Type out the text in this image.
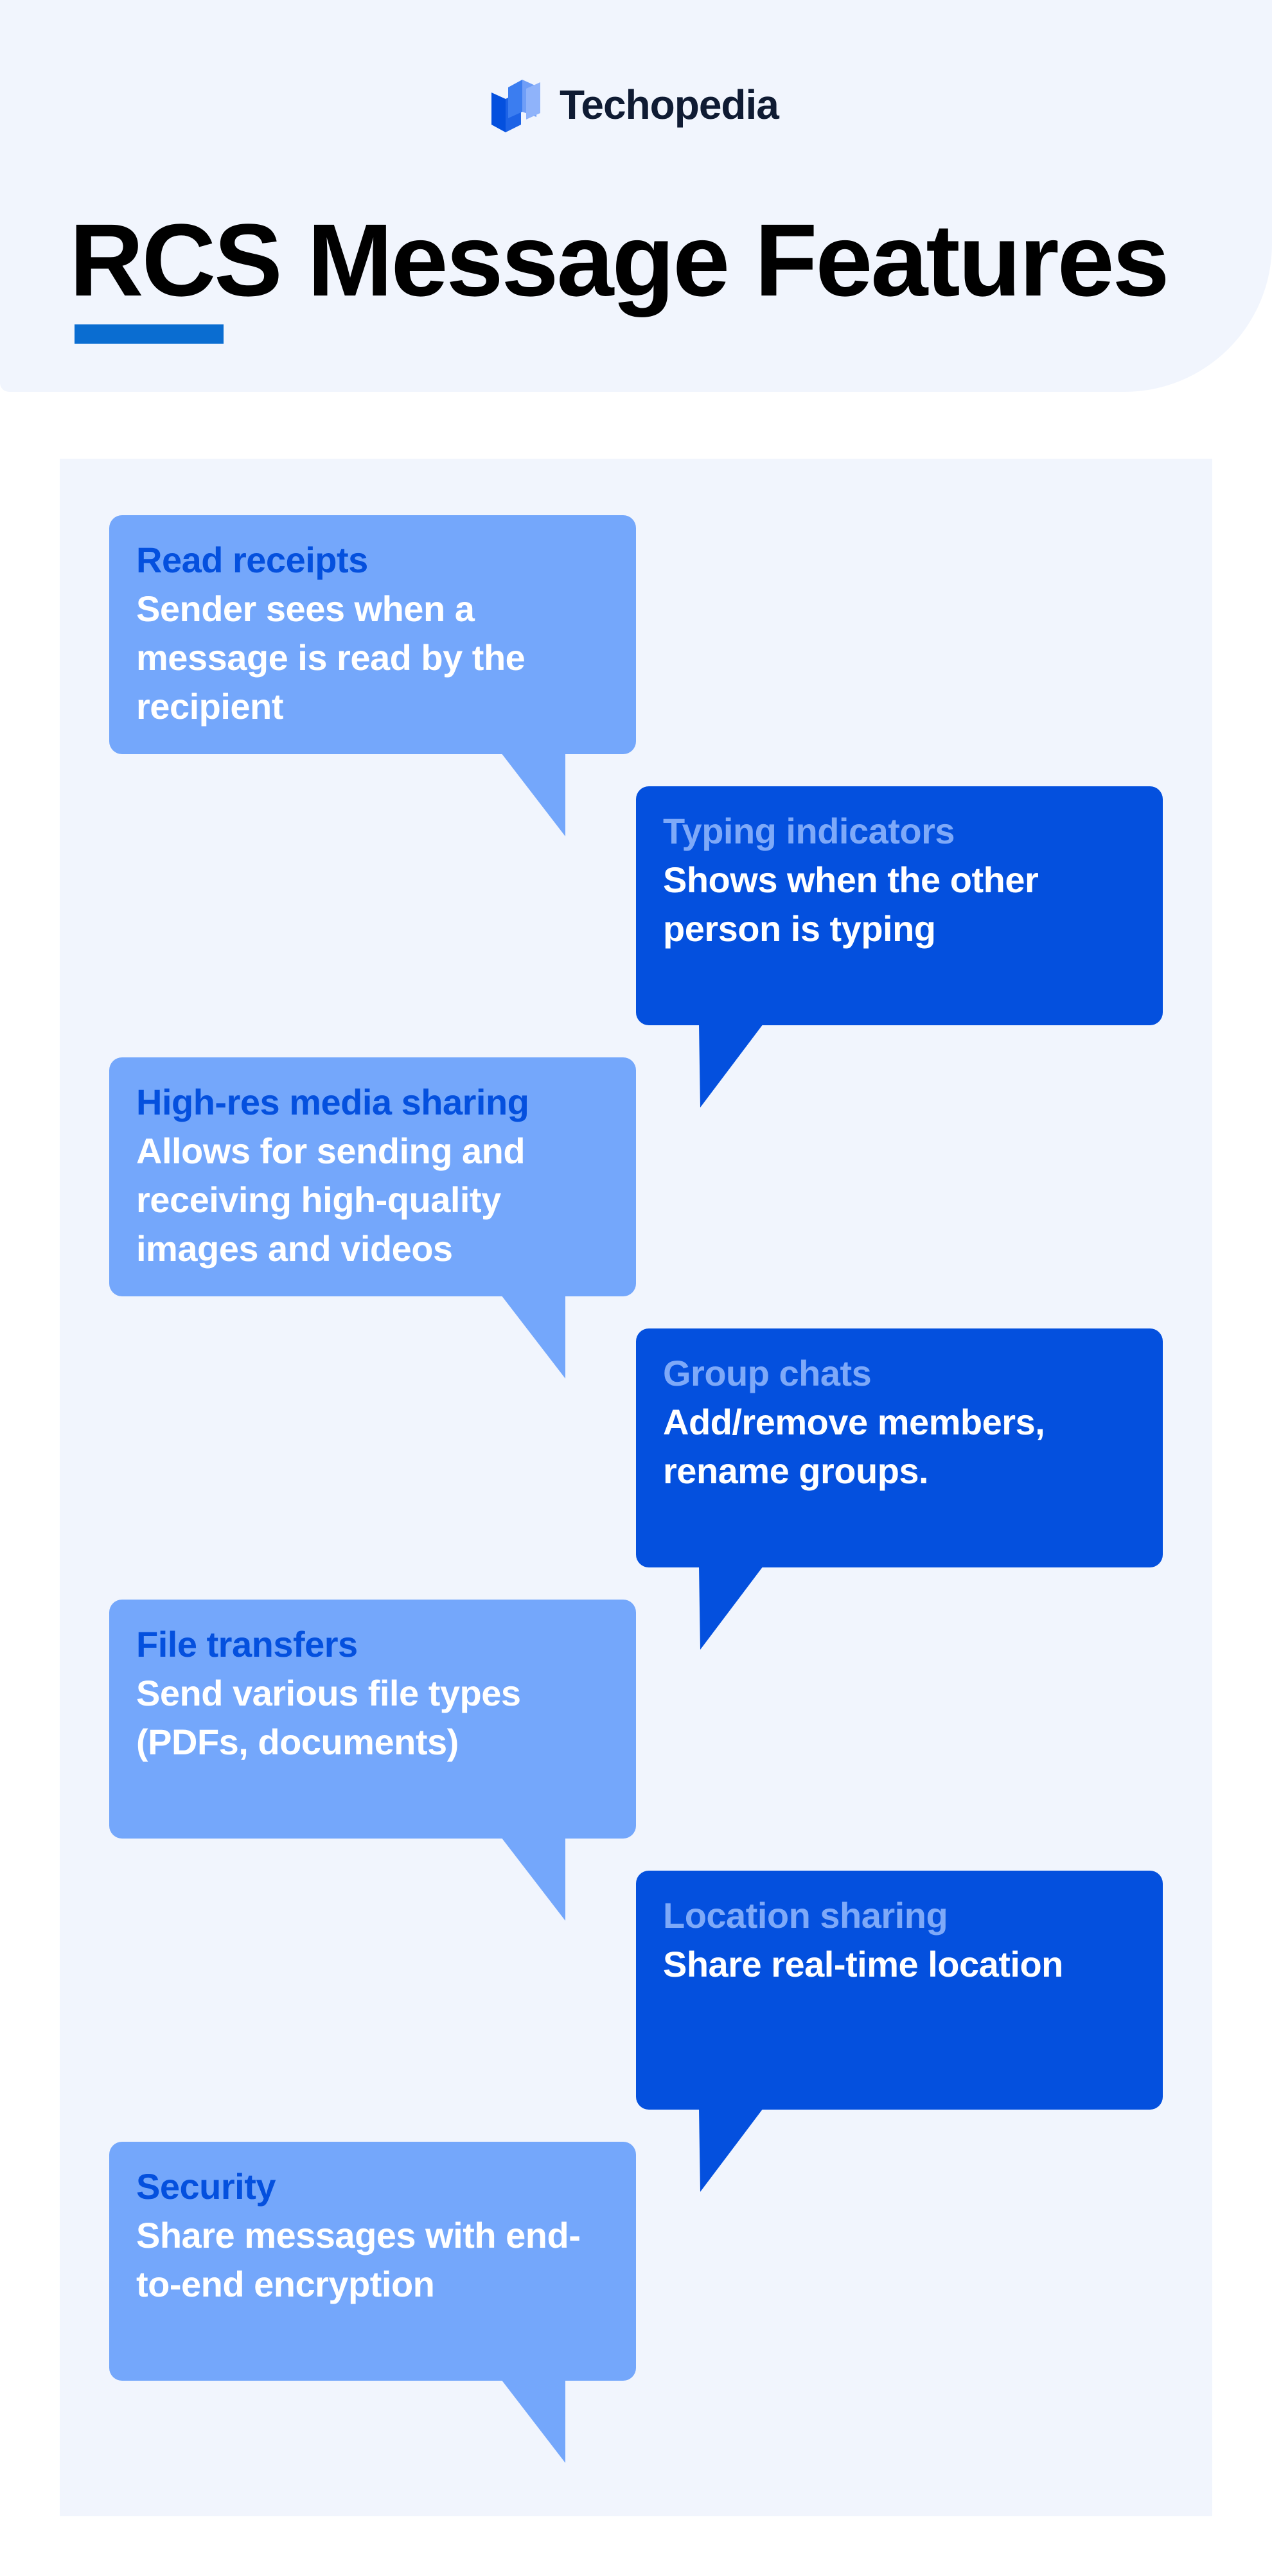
Techopedia
RCS Message Features
Read receipts
Sender sees when a message is read by the recipient
Typing indicators
Shows when the other person is typing
High-res media sharing
Allows for sending and receiving high-quality images and videos
Group chats
Add/remove members, rename groups.
File transfers
Send various file types (PDFs, documents)
Location sharing
Share real-time location
Security
Share messages with end-to-end encryption
